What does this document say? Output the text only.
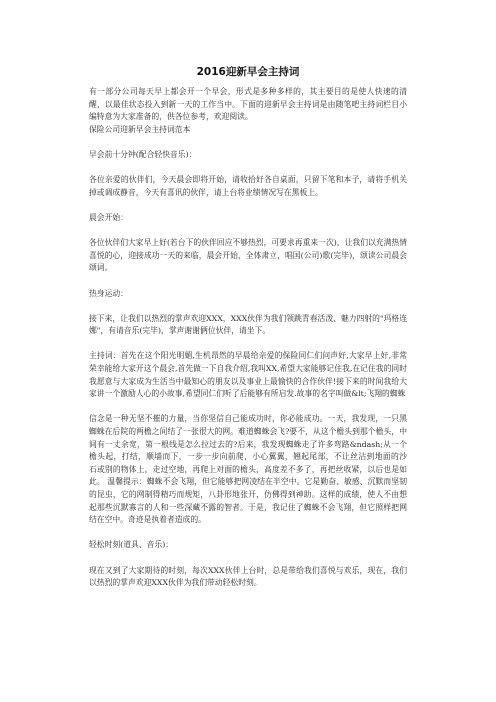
2016迎新早会主持词

有一部分公司每天早上都会开一个早会，形式是多种多样的，其主要目的是使人快速的清醒，以最佳状态投入到新一天的工作当中。下面的迎新早会主持词是由随笔吧主持词栏目小编特意为大家准备的，供各位参考，欢迎阅读。

保险公司迎新早会主持词范本

早会前十分钟(配合轻快音乐)：

各位亲爱的伙伴们，今天晨会即将开始，请收拾好各自桌面，只留下笔和本子，请将手机关掉或调成静音，今天有喜讯的伙伴，请上台将业绩情况写在黑板上。

晨会开始：

各位伙伴们大家早上好(若台下的伙伴回应不够热烈，可要求再重来一次)，让我们以充满热情喜悦的心，迎接成功一天的来临，晨会开始，全体肃立，唱国(公司)歌(完毕)，颂读公司晨会颂词。

热身运动：

接下来，让我们以热烈的掌声欢迎XXX，XXX伙伴为我们领跳青春活泼、魅力四射的"玛格连娜"，有请音乐(完毕)，掌声谢谢俩位伙伴，请坐下。

主持词：首先在这个阳光明媚,生机昂然的早晨给亲爱的保险同仁们问声好,大家早上好,非常荣幸能给大家开这个晨会,首先做一下自我介绍,我叫XX,希望大家能够记住我,在记住我的同时我愿意与大家成为生活当中最知心的朋友以及事业上最愉快的合作伙伴!接下来的时间我给大家讲一个激励人心的小故事,希望同仁们听了后能够有所启发.故事的名字叫做&lt;飞翔的蜘蛛

信念是一种无坚不摧的力量，当你坚信自己能成功时，你必能成功。一天，我发现，一只黑蜘蛛在后院的两檐之间结了一张很大的网。难道蜘蛛会飞?要不，从这个檐头到那个檐头，中间有一丈余宽，第一根线是怎么拉过去的?后来，我发现蜘蛛走了许多弯路&ndash;从一个檐头起，打结，顺墙而下，一步一步向前爬，小心翼翼，翘起尾部，不让丝沾到地面的沙　石或别的物体上，走过空地，再爬上对面的檐头，高度差不多了，再把丝收紧，以后也是如此。 温馨提示：蜘蛛不会飞翔，但它能够把网凌结在半空中。它是勤奋、敏感、沉默而坚韧的昆虫，它的网制得精巧而规矩，八卦形地张开，仿佛得到神助。这样的成绩，使人不由想起那些沉默寡言的人和一些深藏不露的智者。于是，我记住了蜘蛛不会飞翔，但它照样把网结在空中。奇迹是执着者造成的。

轻松时刻(道具、音乐)：

现在又到了大家期待的时刻，每次XXX伙伴上台时，总是带给我们喜悦与欢乐，现在，我们以热烈的掌声欢迎XXX伙伴为我们带动轻松时刻。
